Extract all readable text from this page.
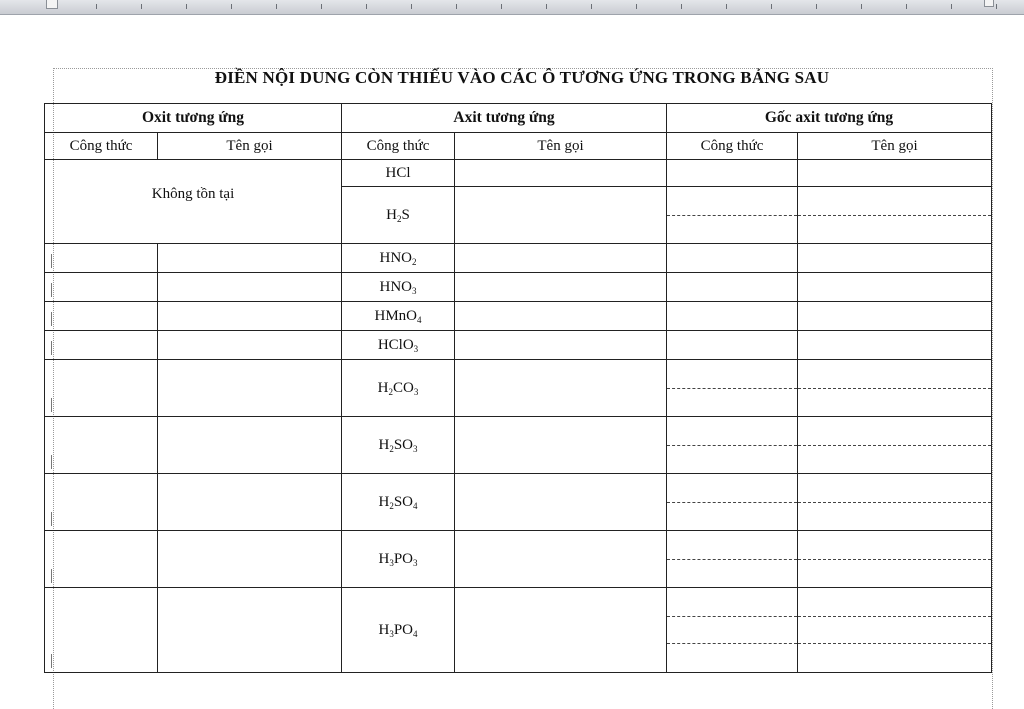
ĐIỀN NỘI DUNG CÒN THIẾU VÀO CÁC Ô TƯƠNG ỨNG TRONG BẢNG SAU
Oxit tương ứng		Axit tương ứng		Gốc axit tương ứng	
Công thức	Tên gọi	Công thức	Tên gọi	Công thức	Tên gọi
Không tồn tại		HCl		

		$H_2S$		

		$HNO_2$		

		$HNO_3$		

		HMnO$_4$		

		HClO$_3$		

		$H_2CO_3$		

		$H_2SO_3$		

		$H_2SO_4$		

		$H_3PO_3$		

		$H_3PO_4$		
